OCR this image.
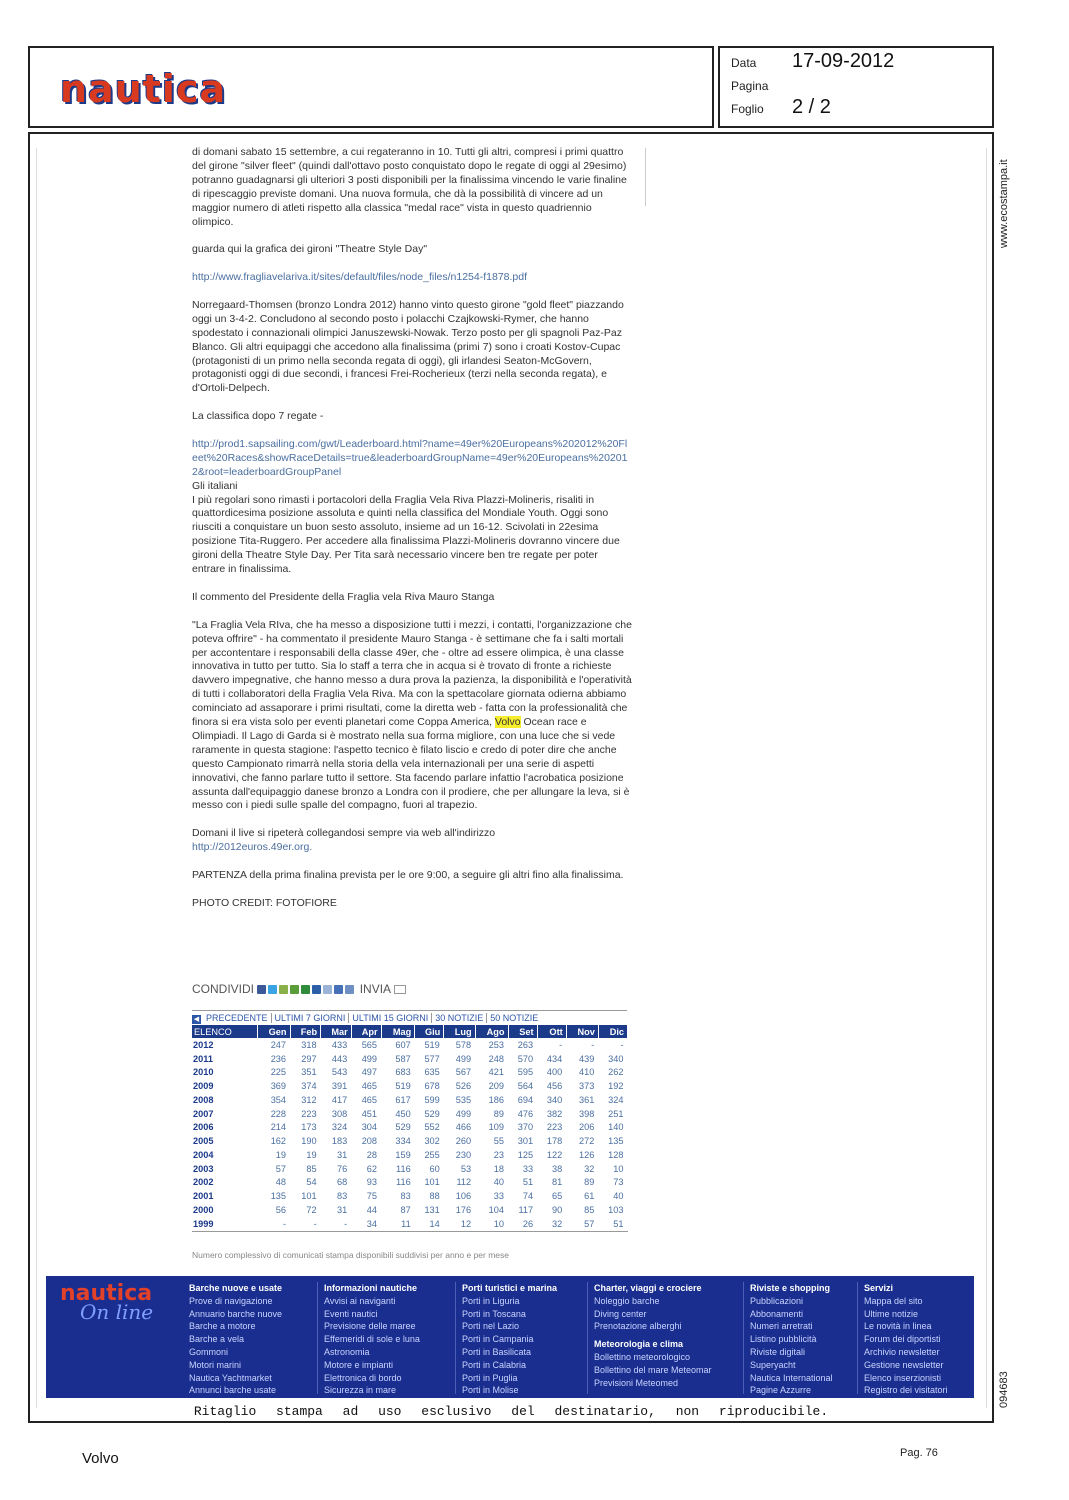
nautica
Data 17-09-2012
Pagina
Foglio 2 / 2
www.ecostampa.it
094683

di domani sabato 15 settembre, a cui regateranno in 10. Tutti gli altri, compresi i primi quattro del girone "silver fleet" (quindi dall'ottavo posto conquistato dopo le regate di oggi al 29esimo) potranno guadagnarsi gli ulteriori 3 posti disponibili per la finalissima vincendo le varie finaline di ripescaggio previste domani. Una nuova formula, che dà la possibilità di vincere ad un maggior numero di atleti rispetto alla classica "medal race" vista in questo quadriennio olimpico.

guarda qui la grafica dei gironi "Theatre Style Day"

http://www.fragliavelariva.it/sites/default/files/node_files/n1254-f1878.pdf

Norregaard-Thomsen (bronzo Londra 2012) hanno vinto questo girone "gold fleet" piazzando oggi un 3-4-2. Concludono al secondo posto i polacchi Czajkowski-Rymer, che hanno spodestato i connazionali olimpici Januszewski-Nowak. Terzo posto per gli spagnoli Paz-Paz Blanco. Gli altri equipaggi che accedono alla finalissima (primi 7) sono i croati Kostov-Cupac (protagonisti di un primo nella seconda regata di oggi), gli irlandesi Seaton-McGovern, protagonisti oggi di due secondi, i francesi Frei-Rocherieux (terzi nella seconda regata), e d'Ortoli-Delpech.

La classifica dopo 7 regate -

http://prod1.sapsailing.com/gwt/Leaderboard.html?name=49er%20Europeans%202012%20Fleet%20Races&showRaceDetails=true&leaderboardGroupName=49er%20Europeans%202012&root=leaderboardGroupPanel
Gli italiani

I più regolari sono rimasti i portacolori della Fraglia Vela Riva Plazzi-Molineris, risaliti in quattordicesima posizione assoluta e quinti nella classifica del Mondiale Youth. Oggi sono riusciti a conquistare un buon sesto assoluto, insieme ad un 16-12. Scivolati in 22esima posizione Tita-Ruggero. Per accedere alla finalissima Plazzi-Molineris dovranno vincere due gironi della Theatre Style Day. Per Tita sarà necessario vincere ben tre regate per poter entrare in finalissima.

Il commento del Presidente della Fraglia vela Riva Mauro Stanga

"La Fraglia Vela RIva, che ha messo a disposizione tutti i mezzi, i contatti, l'organizzazione che poteva offrire" - ha commentato il presidente Mauro Stanga - è settimane che fa i salti mortali per accontentare i responsabili della classe 49er, che - oltre ad essere olimpica, è una classe innovativa in tutto per tutto. Sia lo staff a terra che in acqua si è trovato di fronte a richieste davvero impegnative, che hanno messo a dura prova la pazienza, la disponibilità e l'operatività di tutti i collaboratori della Fraglia Vela Riva. Ma con la spettacolare giornata odierna abbiamo cominciato ad assaporare i primi risultati, come la diretta web - fatta con la professionalità che finora si era vista solo per eventi planetari come Coppa America, Volvo Ocean race e Olimpiadi. Il Lago di Garda si è mostrato nella sua forma migliore, con una luce che si vede raramente in questa stagione: l'aspetto tecnico è filato liscio e credo di poter dire che anche questo Campionato rimarrà nella storia della vela internazionali per una serie di aspetti innovativi, che fanno parlare tutto il settore. Sta facendo parlare infattio l'acrobatica posizione assunta dall'equipaggio danese bronzo a Londra con il prodiere, che per allungare la leva, si è messo con i piedi sulle spalle del compagno, fuori al trapezio.

Domani il live si ripeterà collegandosi sempre via web all'indirizzo

http://2012euros.49er.org.

PARTENZA della prima finalina prevista per le ore 9:00, a seguire gli altri fino alla finalissima.

PHOTO CREDIT: FOTOFIORE

CONDIVIDI	INVIA
◀ PRECEDENTE ULTIMI 7 GIORNI ULTIMI 15 GIORNI 30 NOTIZIE 50 NOTIZIE
ELENCO	Gen	Feb	Mar	Apr	Mag	Giu	Lug	Ago	Set	Ott	Nov	Dic
2012	247	318	433	565	607	519	578	253	263	-	-	-
2011	236	297	443	499	587	577	499	248	570	434	439	340
2010	225	351	543	497	683	635	567	421	595	400	410	262
2009	369	374	391	465	519	678	526	209	564	456	373	192
2008	354	312	417	465	617	599	535	186	694	340	361	324
2007	228	223	308	451	450	529	499	89	476	382	398	251
2006	214	173	324	304	529	552	466	109	370	223	206	140
2005	162	190	183	208	334	302	260	55	301	178	272	135
2004	19	19	31	28	159	255	230	23	125	122	126	128
2003	57	85	76	62	116	60	53	18	33	38	32	10
2002	48	54	68	93	116	101	112	40	51	81	89	73
2001	135	101	83	75	83	88	106	33	74	65	61	40
2000	56	72	31	44	87	131	176	104	117	90	85	103
1999	-	-	-	34	11	14	12	10	26	32	57	51
Numero complessivo di comunicati stampa disponibili suddivisi per anno e per mese
nautica
On line
Barche nuove e usate
Prove di navigazione
Annuario barche nuove
Barche a motore
Barche a vela
Gommoni
Motori marini
Nautica Yachtmarket
Annunci barche usate
Informazioni nautiche
Avvisi ai naviganti
Eventi nautici
Previsione delle maree
Effemeridi di sole e luna
Astronomia
Motore e impianti
Elettronica di bordo
Sicurezza in mare
Porti turistici e marina
Porti in Liguria
Porti in Toscana
Porti nel Lazio
Porti in Campania
Porti in Basilicata
Porti in Calabria
Porti in Puglia
Porti in Molise
Charter, viaggi e crociere
Noleggio barche
Diving center
Prenotazione alberghi
Meteorologia e clima
Bollettino meteorologico
Bollettino del mare Meteomar
Previsioni Meteomed
Riviste e shopping
Pubblicazioni
Abbonamenti
Numeri arretrati
Listino pubblicità
Riviste digitali
Superyacht
Nautica International
Pagine Azzurre
Servizi
Mappa del sito
Ultime notizie
Le novità in linea
Forum dei diportisti
Archivio newsletter
Gestione newsletter
Elenco inserzionisti
Registro dei visitatori
Ritaglio stampa ad uso esclusivo del destinatario, non riproducibile.
Volvo	Pag. 76
